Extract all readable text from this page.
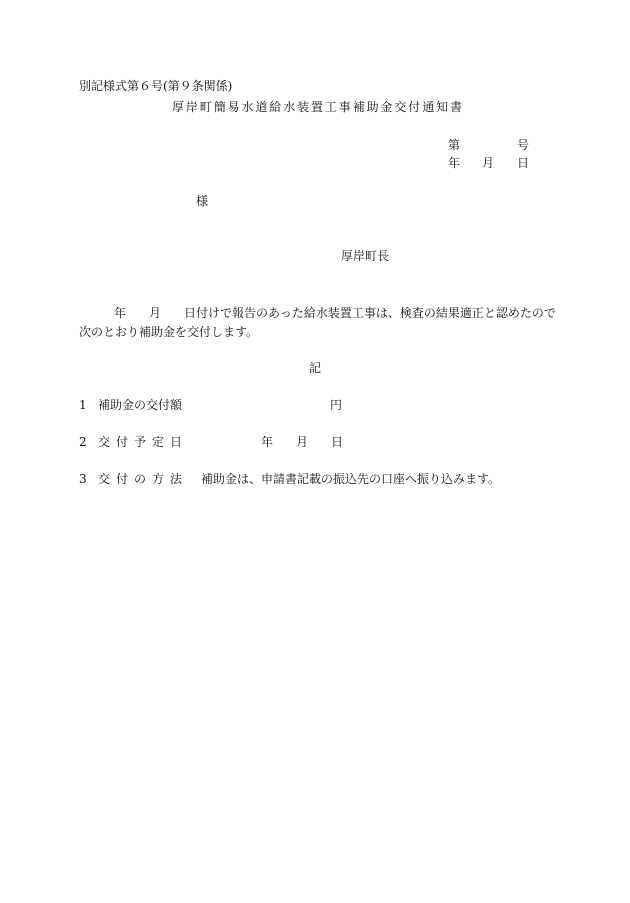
別記様式第６号(第９条関係)
厚岸町簡易水道給水装置工事補助金交付通知書
第	号
年 月 日
様
厚岸町長
年 月 日付けで報告のあった給水装置工事は、検査の結果適正と認めたので
次のとおり補助金を交付します。
記
1 補助金の交付額	円
2 交付予定日	年 月 日
3 交付の方法 補助金は、申請書記載の振込先の口座へ振り込みます。
